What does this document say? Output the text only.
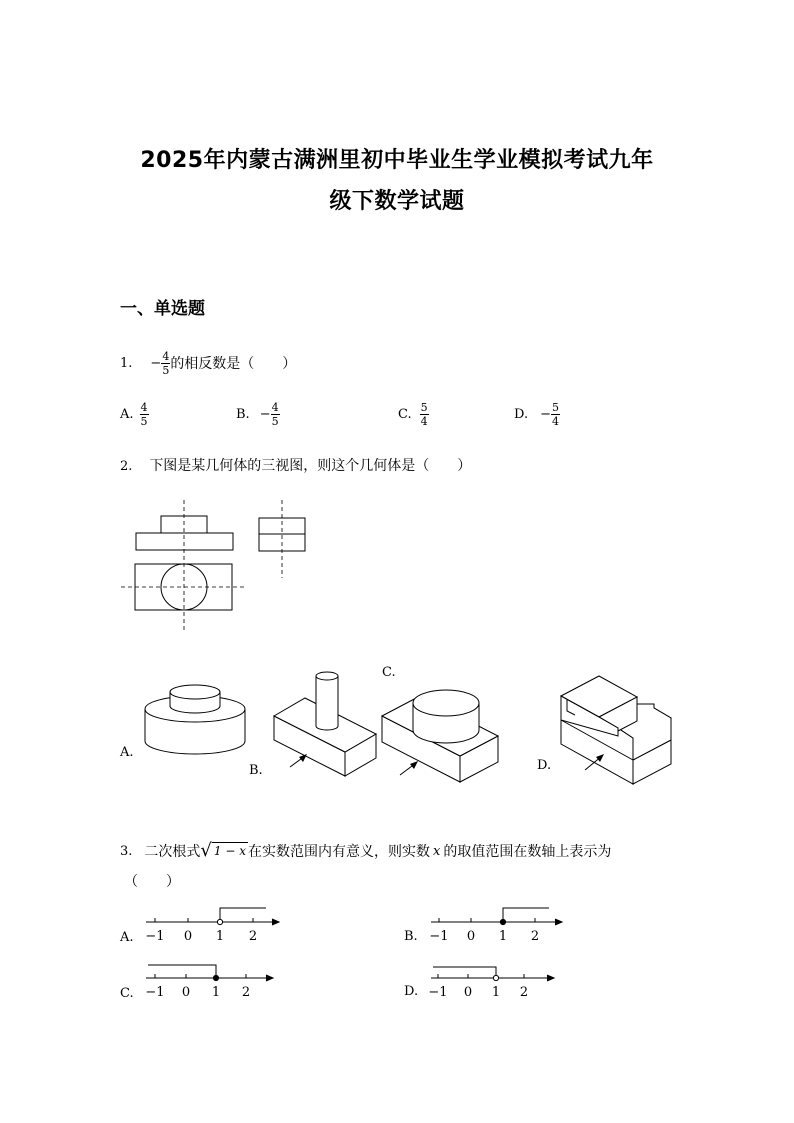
2025年内蒙古满洲里初中毕业生学业模拟考试九年
级下数学试题
一、单选题
1. − $\frac{4}{5}$ 的相反数是（　　）
A. $\frac{4}{5}$	B. − $\frac{4}{5}$	C. $\frac{5}{4}$	D. − $\frac{5}{4}$
2. 下图是某几何体的三视图，则这个几何体是（　　）
A.
B.
C.
D.
3. 二次根式 √ 1 − x 在实数范围内有意义，则实数 x 的取值范围在数轴上表示为
（　　）
−1 0 1 2	−1 0 1 2
−1 0 1 2	−1 0 1 2
A.	B.
C.	D.
